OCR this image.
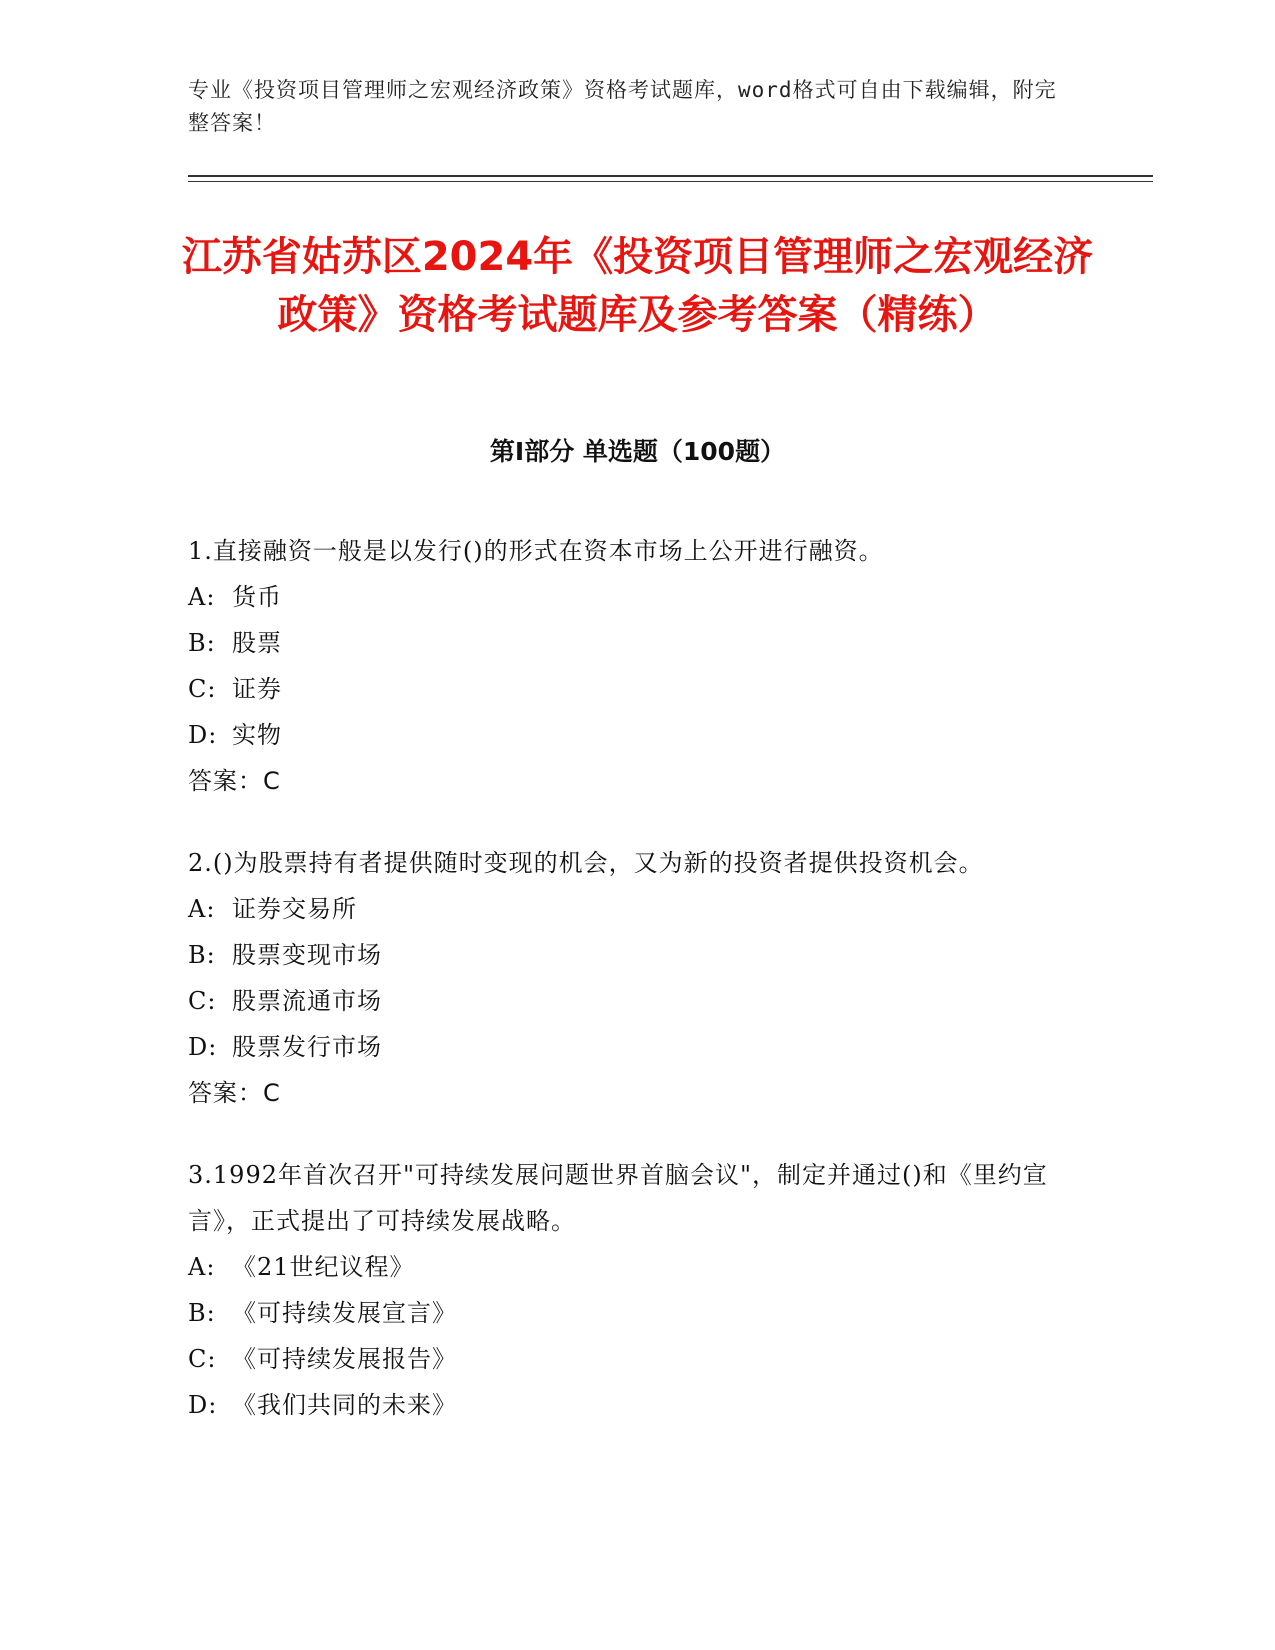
专业《投资项目管理师之宏观经济政策》资格考试题库，word格式可自由下载编辑，附完整答案！
江苏省姑苏区2024年《投资项目管理师之宏观经济政策》资格考试题库及参考答案（精练）
第I部分 单选题（100题）

1.直接融资一般是以发行()的形式在资本市场上公开进行融资。

A: 货币
B: 股票
C: 证券
D: 实物
答案：C

2.()为股票持有者提供随时变现的机会，又为新的投资者提供投资机会。

A: 证券交易所
B: 股票变现市场
C: 股票流通市场
D: 股票发行市场
答案：C

3.1992年首次召开"可持续发展问题世界首脑会议"，制定并通过()和《里约宣言》，正式提出了可持续发展战略。

A: 《21世纪议程》
B: 《可持续发展宣言》
C: 《可持续发展报告》
D: 《我们共同的未来》
